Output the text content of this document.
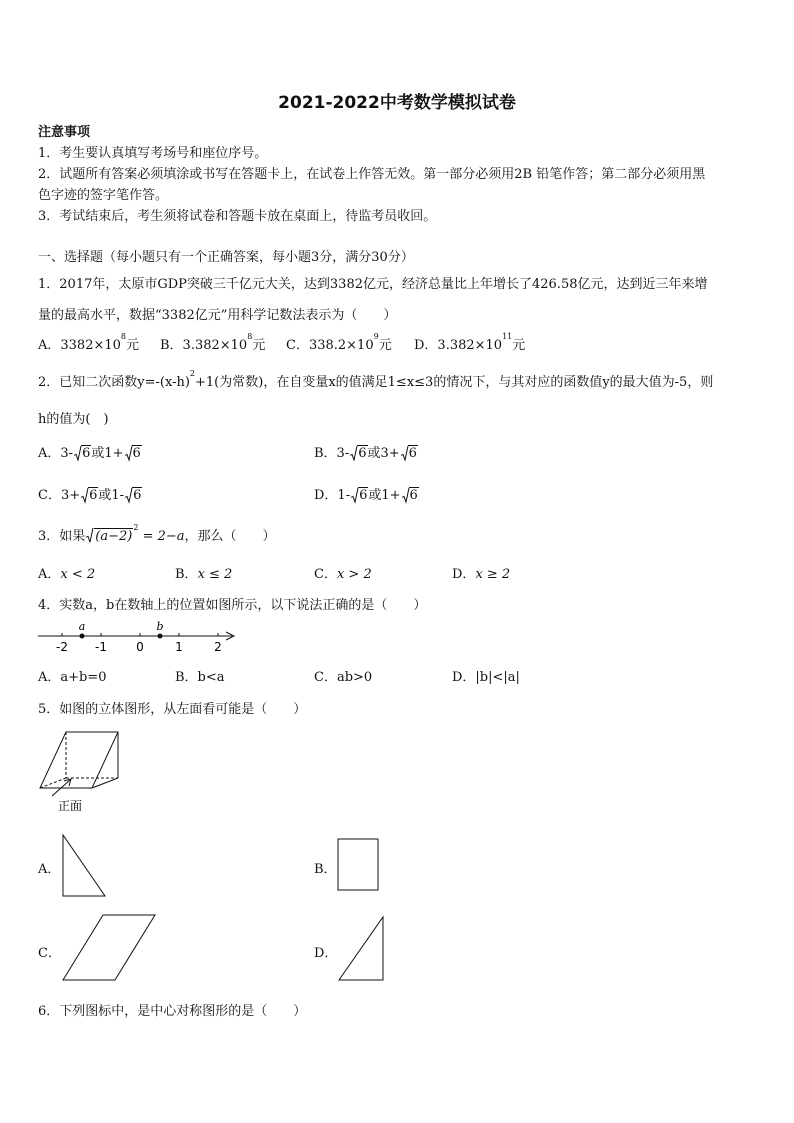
2021-2022中考数学模拟试卷
注意事项
1．考生要认真填写考场号和座位序号。
2．试题所有答案必须填涂或书写在答题卡上，在试卷上作答无效。第一部分必须用2B 铅笔作答；第二部分必须用黑
色字迹的签字笔作答。
3．考试结束后，考生须将试卷和答题卡放在桌面上，待监考员收回。
一、选择题（每小题只有一个正确答案，每小题3分，满分30分）
1．2017年，太原市GDP突破三千亿元大关，达到3382亿元，经济总量比上年增长了426.58亿元，达到近三年来增
量的最高水平，数据“3382亿元”用科学记数法表示为（　　）
A．$3382\times 10^8$元 B．$3.382\times 10^8$元 C．$338.2\times 10^9$元 D．$3.382\times 10^{11}$元
2．已知二次函数$y=-(x-h)^2+1$(为常数)，在自变量x的值满足1≤x≤3的情况下，与其对应的函数值y的最大值为-5，则
h的值为(　)
A．3- 6或1+ 6	B．3- 6或3+ 6
C．3+ 6或1- 6	D．1- 6或1+ 6
3．如果 $(a-2)^2 = 2-a$，那么（　　）
A．x < 2	B．x ≤ 2	C．x > 2	D．x ≥ 2
4．实数a，b在数轴上的位置如图所示，以下说法正确的是（　　）
a	b
-2 -1 0	1	2
A．a+b=0	B．b<a	C．ab>0	D．|b|<|a|
5．如图的立体图形，从左面看可能是（　　）
正面
A．	B．
C．	D．
6．下列图标中，是中心对称图形的是（　　）
